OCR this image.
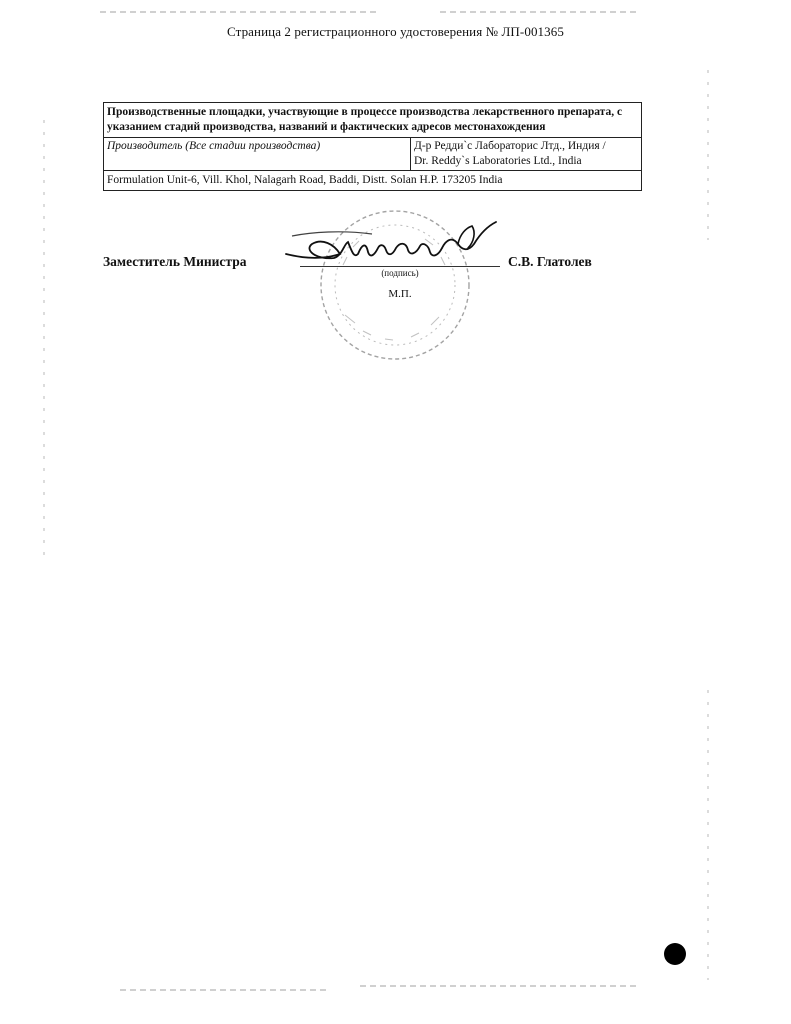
Страница 2 регистрационного удостоверения № ЛП-001365
Производственные площадки, участвующие в процессе производства лекарственного препарата, с указанием стадий производства, названий и фактических адресов местонахождения
Производитель (Все стадии производства)	Д-р Редди`с Лабораторис Лтд., Индия /
Dr. Reddy`s Laboratories Ltd., India

Formulation Unit-6, Vill. Khol, Nalagarh Road, Baddi, Distt. Solan H.P. 173205 India
Заместитель Министра
(подпись)
М.П.
С.В. Глатолев
